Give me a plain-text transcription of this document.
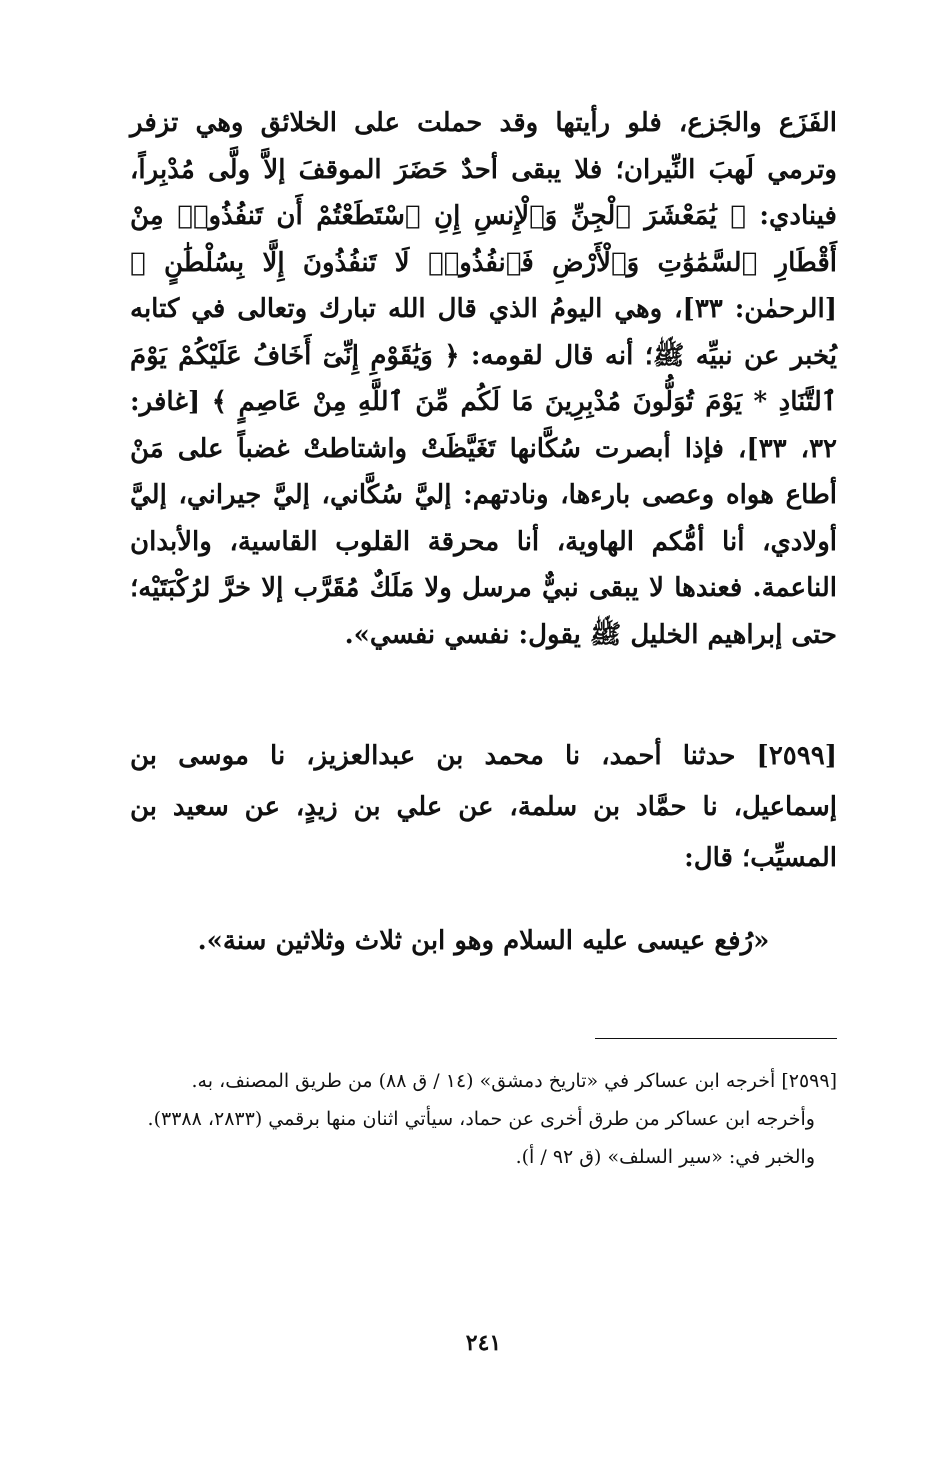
الفَزَع والجَزع، فلو رأيتها وقد حملت على الخلائق وهي تزفر وترمي لَهبَ النِّيران؛ فلا يبقى أحدٌ حَضَرَ الموقفَ إلاَّ ولَّى مُدْبِراً، فينادي: ﴿ يَٰمَعْشَرَ ٱلْجِنِّ وَٱلْإِنسِ إِنِ ٱسْتَطَعْتُمْ أَن تَنفُذُوا۟ مِنْ أَقْطَارِ ٱلسَّمَٰوَٰتِ وَٱلْأَرْضِ فَٱنفُذُوا۟ لَا تَنفُذُونَ إِلَّا بِسُلْطَٰنٍ ﴾ [الرحمٰن: ٣٣]، وهي اليومُ الذي قال الله تبارك وتعالى في كتابه يُخبر عن نبيِّه ﷺ؛ أنه قال لقومه: ﴿ وَيَٰقَوْمِ إِنِّىٓ أَخَافُ عَلَيْكُمْ يَوْمَ ٱلتَّنَادِ * يَوْمَ تُوَلُّونَ مُدْبِرِينَ مَا لَكُم مِّنَ ٱللَّهِ مِنْ عَاصِمٍ ﴾ [غافر: ٣٢، ٣٣]، فإذا أبصرت سُكَّانها تَغَيَّظَتْ واشتاطتْ غضباً على مَنْ أطاع هواه وعصى بارءها، ونادتهم: إليَّ سُكَّاني، إليَّ جيراني، إليَّ أولادي، أنا أمُّكم الهاوية، أنا محرقة القلوب القاسية، والأبدان الناعمة. فعندها لا يبقى نبيٌّ مرسل ولا مَلَكٌ مُقَرَّب إلا خرَّ لرُكْبَتَيْه؛ حتى إبراهيم الخليل ﷺ يقول: نفسي نفسي».

[٢٥٩٩] حدثنا أحمد، نا محمد بن عبدالعزيز، نا موسى بن إسماعيل، نا حمَّاد بن سلمة، عن علي بن زيدٍ، عن سعيد بن المسيِّب؛ قال:

«رُفع عيسى عليه السلام وهو ابن ثلاث وثلاثين سنة».

[٢٥٩٩] أخرجه ابن عساكر في «تاريخ دمشق» (١٤ / ق ٨٨) من طريق المصنف، به.

وأخرجه ابن عساكر من طرق أخرى عن حماد، سيأتي اثنان منها برقمي (٢٨٣٣، ٣٣٨٨).

والخبر في: «سير السلف» (ق ٩٢ / أ).

٢٤١
